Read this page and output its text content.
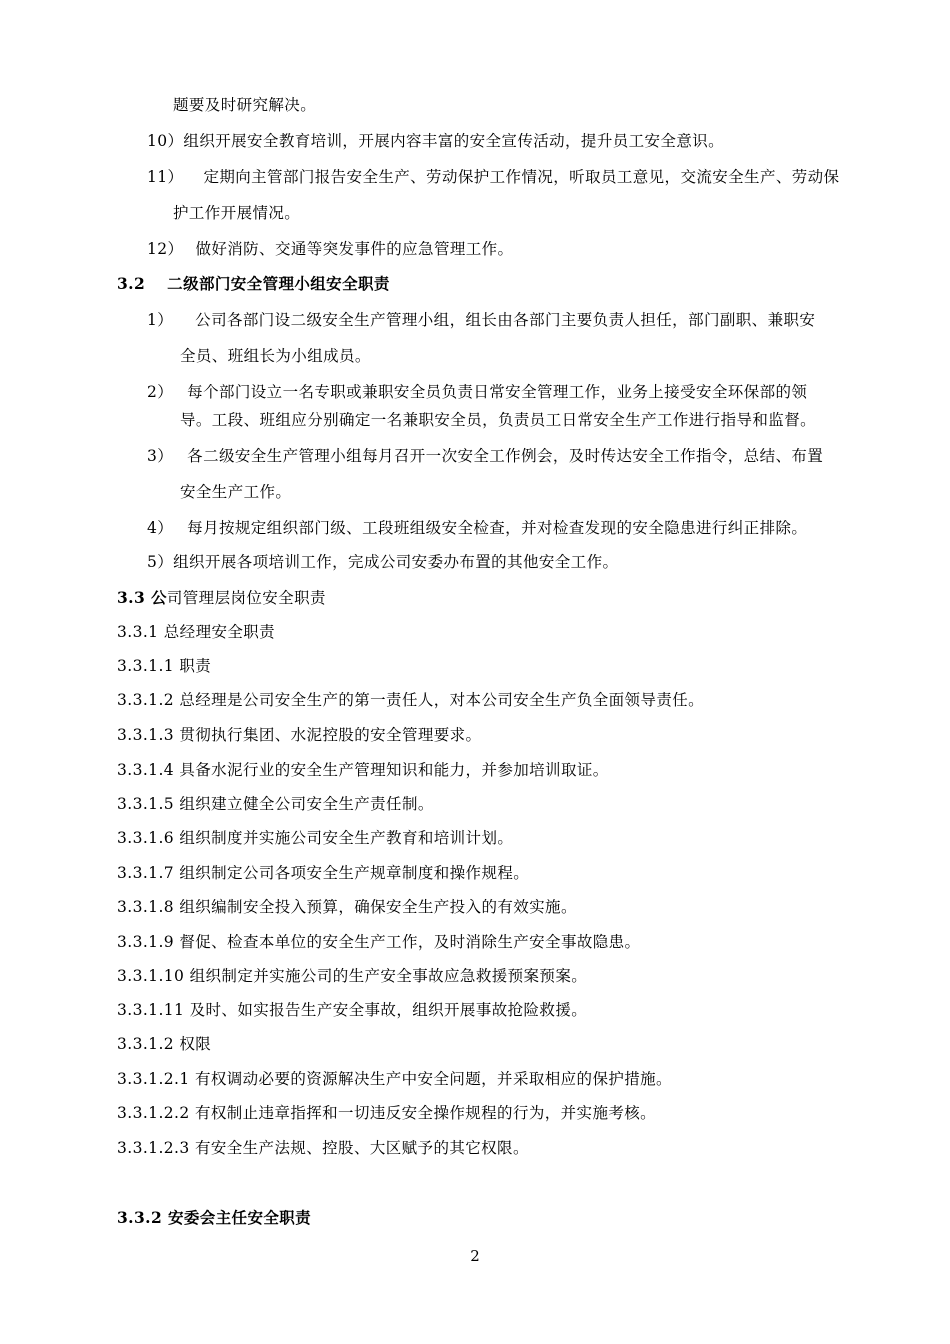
题要及时研究解决。
10）组织开展安全教育培训，开展内容丰富的安全宣传活动，提升员工安全意识。
11） 定期向主管部门报告安全生产、劳动保护工作情况，听取员工意见，交流安全生产、劳动保
护工作开展情况。
12） 做好消防、交通等突发事件的应急管理工作。
3.2 二级部门安全管理小组安全职责
1） 公司各部门设二级安全生产管理小组，组长由各部门主要负责人担任，部门副职、兼职安
全员、班组长为小组成员。
2） 每个部门设立一名专职或兼职安全员负责日常安全管理工作，业务上接受安全环保部的领
导。工段、班组应分别确定一名兼职安全员，负责员工日常安全生产工作进行指导和监督。
3） 各二级安全生产管理小组每月召开一次安全工作例会，及时传达安全工作指令，总结、布置
安全生产工作。
4） 每月按规定组织部门级、工段班组级安全检查，并对检查发现的安全隐患进行纠正排除。
5）组织开展各项培训工作，完成公司安委办布置的其他安全工作。
3.3 公司管理层岗位安全职责
3.3.1 总经理安全职责
3.3.1.1 职责
3.3.1.2 总经理是公司安全生产的第一责任人，对本公司安全生产负全面领导责任。
3.3.1.3 贯彻执行集团、水泥控股的安全管理要求。
3.3.1.4 具备水泥行业的安全生产管理知识和能力，并参加培训取证。
3.3.1.5 组织建立健全公司安全生产责任制。
3.3.1.6 组织制度并实施公司安全生产教育和培训计划。
3.3.1.7 组织制定公司各项安全生产规章制度和操作规程。
3.3.1.8 组织编制安全投入预算，确保安全生产投入的有效实施。
3.3.1.9 督促、检查本单位的安全生产工作，及时消除生产安全事故隐患。
3.3.1.10 组织制定并实施公司的生产安全事故应急救援预案预案。
3.3.1.11 及时、如实报告生产安全事故，组织开展事故抢险救援。
3.3.1.2 权限
3.3.1.2.1 有权调动必要的资源解决生产中安全问题，并采取相应的保护措施。
3.3.1.2.2 有权制止违章指挥和一切违反安全操作规程的行为，并实施考核。
3.3.1.2.3 有安全生产法规、控股、大区赋予的其它权限。
3.3.2 安委会主任安全职责
2
